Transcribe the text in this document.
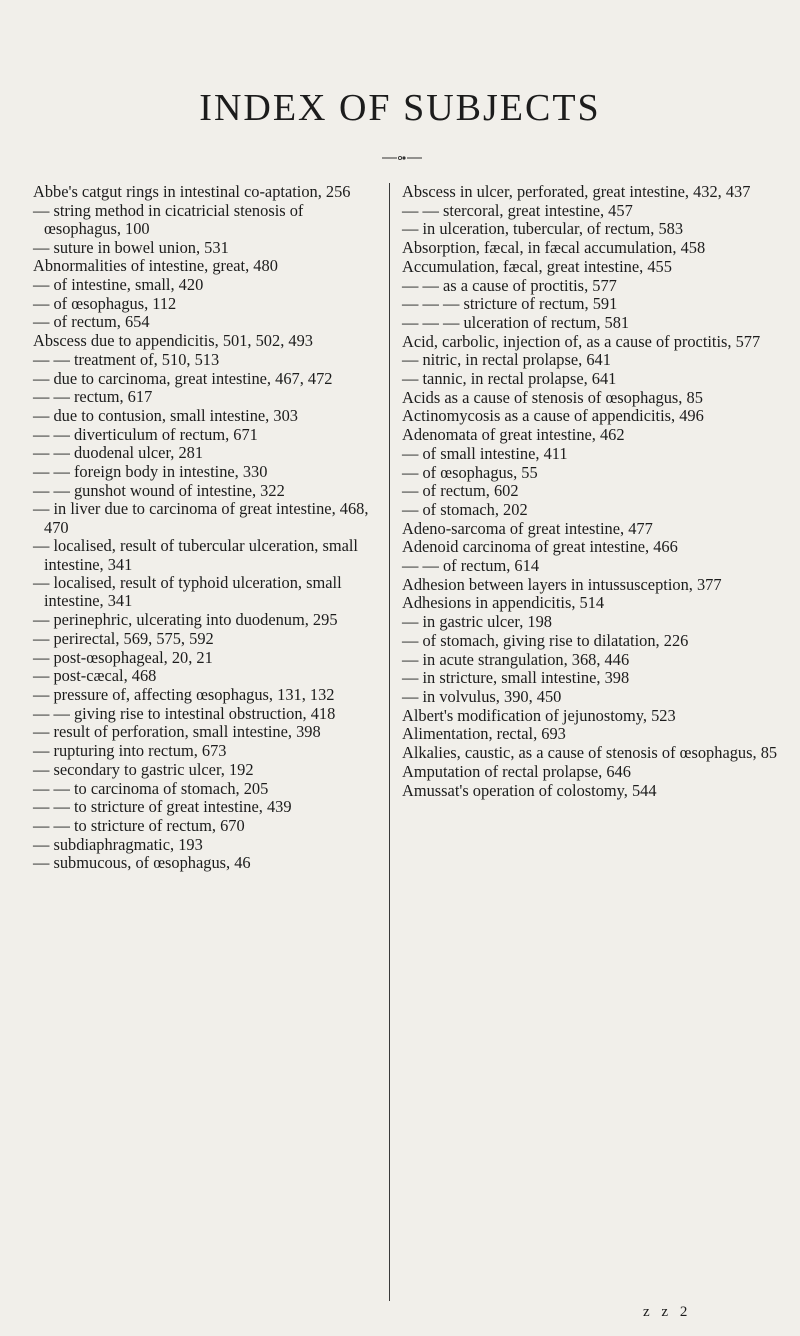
INDEX OF SUBJECTS
Abbe's catgut rings in intestinal co-aptation, 256
— string method in cicatricial stenosis of œsophagus, 100
— suture in bowel union, 531
Abnormalities of intestine, great, 480
— of intestine, small, 420
— of œsophagus, 112
— of rectum, 654
Abscess due to appendicitis, 501, 502, 493
— — treatment of, 510, 513
— due to carcinoma, great intestine, 467, 472
— — rectum, 617
— due to contusion, small intestine, 303
— — diverticulum of rectum, 671
— — duodenal ulcer, 281
— — foreign body in intestine, 330
— — gunshot wound of intestine, 322
— in liver due to carcinoma of great intestine, 468, 470
— localised, result of tubercular ulceration, small intestine, 341
— localised, result of typhoid ulceration, small intestine, 341
— perinephric, ulcerating into duodenum, 295
— perirectal, 569, 575, 592
— post-œsophageal, 20, 21
— post-cæcal, 468
— pressure of, affecting œsophagus, 131, 132
— — giving rise to intestinal obstruction, 418
— result of perforation, small intestine, 398
— rupturing into rectum, 673
— secondary to gastric ulcer, 192
— — to carcinoma of stomach, 205
— — to stricture of great intestine, 439
— — to stricture of rectum, 670
— subdiaphragmatic, 193
— submucous, of œsophagus, 46
Abscess in ulcer, perforated, great intestine, 432, 437
— — stercoral, great intestine, 457
— in ulceration, tubercular, of rectum, 583
Absorption, fæcal, in fæcal accumulation, 458
Accumulation, fæcal, great intestine, 455
— — as a cause of proctitis, 577
— — — stricture of rectum, 591
— — — ulceration of rectum, 581
Acid, carbolic, injection of, as a cause of proctitis, 577
— nitric, in rectal prolapse, 641
— tannic, in rectal prolapse, 641
Acids as a cause of stenosis of œsophagus, 85
Actinomycosis as a cause of appendicitis, 496
Adenomata of great intestine, 462
— of small intestine, 411
— of œsophagus, 55
— of rectum, 602
— of stomach, 202
Adeno-sarcoma of great intestine, 477
Adenoid carcinoma of great intestine, 466
— — of rectum, 614
Adhesion between layers in intussusception, 377
Adhesions in appendicitis, 514
— in gastric ulcer, 198
— of stomach, giving rise to dilatation, 226
— in acute strangulation, 368, 446
— in stricture, small intestine, 398
— in volvulus, 390, 450
Albert's modification of jejunostomy, 523
Alimentation, rectal, 693
Alkalies, caustic, as a cause of stenosis of œsophagus, 85
Amputation of rectal prolapse, 646
Amussat's operation of colostomy, 544
z z 2
